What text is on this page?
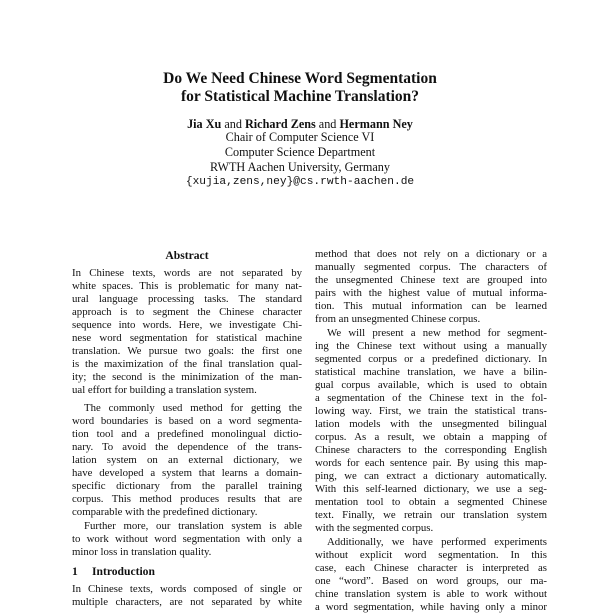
Do We Need Chinese Word Segmentation
for Statistical Machine Translation?
Jia Xu and Richard Zens and Hermann Ney
Chair of Computer Science VI
Computer Science Department
RWTH Aachen University, Germany
{xujia,zens,ney}@cs.rwth-aachen.de
Abstract
In Chinese texts, words are not separated by
white spaces. This is problematic for many nat-
ural language processing tasks. The standard
approach is to segment the Chinese character
sequence into words. Here, we investigate Chi-
nese word segmentation for statistical machine
translation. We pursue two goals: the first one
is the maximization of the final translation qual-
ity; the second is the minimization of the man-
ual effort for building a translation system.
The commonly used method for getting the
word boundaries is based on a word segmenta-
tion tool and a predefined monolingual dictio-
nary. To avoid the dependence of the trans-
lation system on an external dictionary, we
have developed a system that learns a domain-
specific dictionary from the parallel training
corpus. This method produces results that are
comparable with the predefined dictionary.
Further more, our translation system is able
to work without word segmentation with only a
minor loss in translation quality.
1 Introduction
In Chinese texts, words composed of single or
multiple characters, are not separated by white
method that does not rely on a dictionary or a
manually segmented corpus. The characters of
the unsegmented Chinese text are grouped into
pairs with the highest value of mutual informa-
tion. This mutual information can be learned
from an unsegmented Chinese corpus.
We will present a new method for segment-
ing the Chinese text without using a manually
segmented corpus or a predefined dictionary. In
statistical machine translation, we have a bilin-
gual corpus available, which is used to obtain
a segmentation of the Chinese text in the fol-
lowing way. First, we train the statistical trans-
lation models with the unsegmented bilingual
corpus. As a result, we obtain a mapping of
Chinese characters to the corresponding English
words for each sentence pair. By using this map-
ping, we can extract a dictionary automatically.
With this self-learned dictionary, we use a seg-
mentation tool to obtain a segmented Chinese
text. Finally, we retrain our translation system
with the segmented corpus.
Additionally, we have performed experiments
without explicit word segmentation. In this
case, each Chinese character is interpreted as
one “word”. Based on word groups, our ma-
chine translation system is able to work without
a word segmentation, while having only a minor
